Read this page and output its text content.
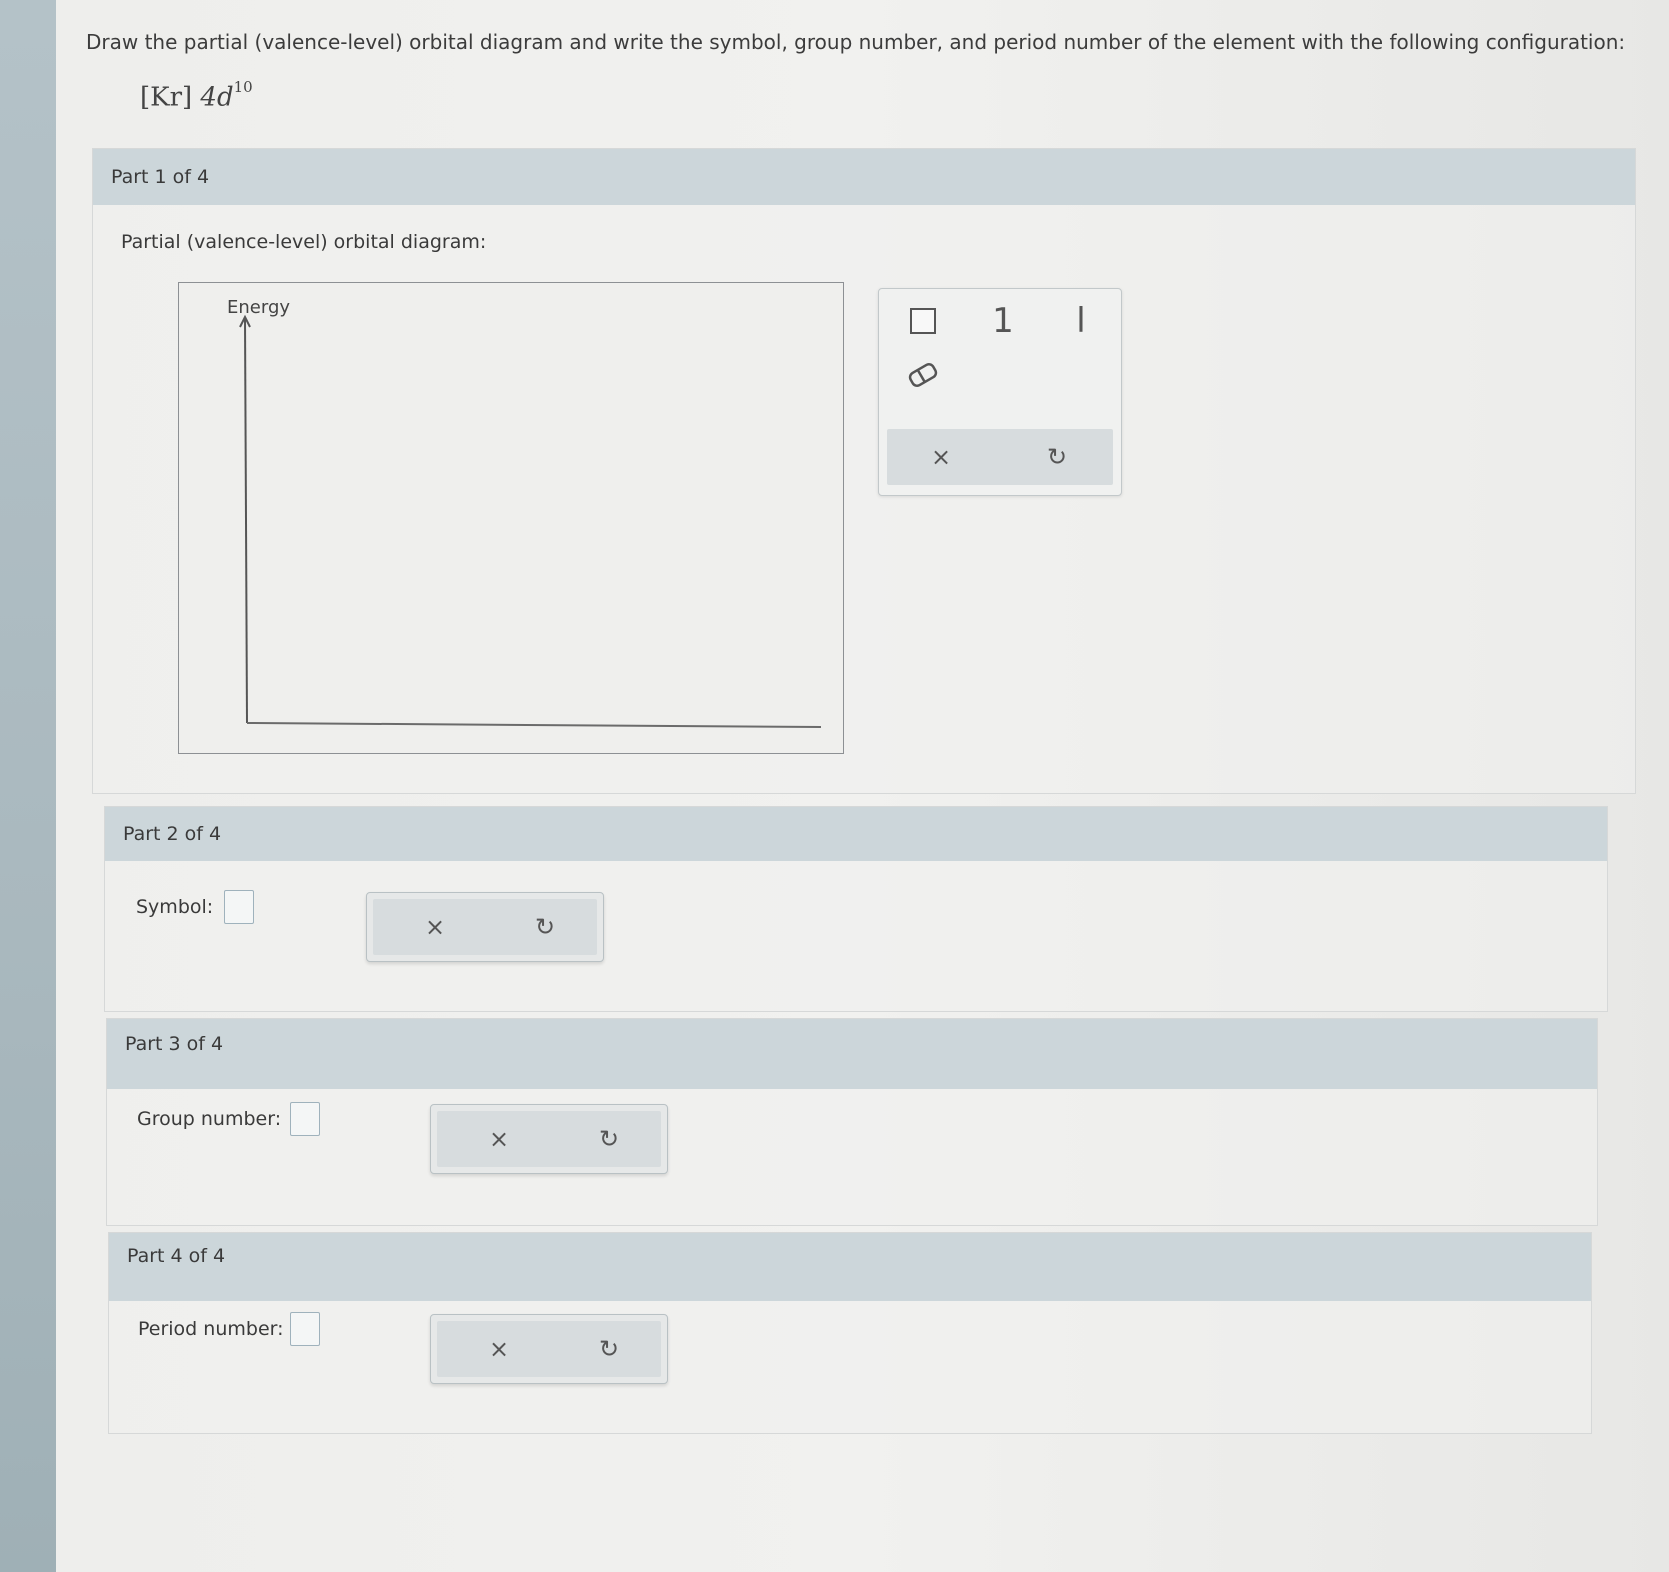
Draw the partial (valence-level) orbital diagram and write the symbol, group number, and period number of the element with the following configuration:
[Kr] $4d^{10}$
Part 1 of 4
Partial (valence-level) orbital diagram:
Energy	1 l
×	↻
Part 2 of 4
Symbol:
×	↻
Part 3 of 4
Group number:
×	↻
Part 4 of 4
Period number:
×	↻
